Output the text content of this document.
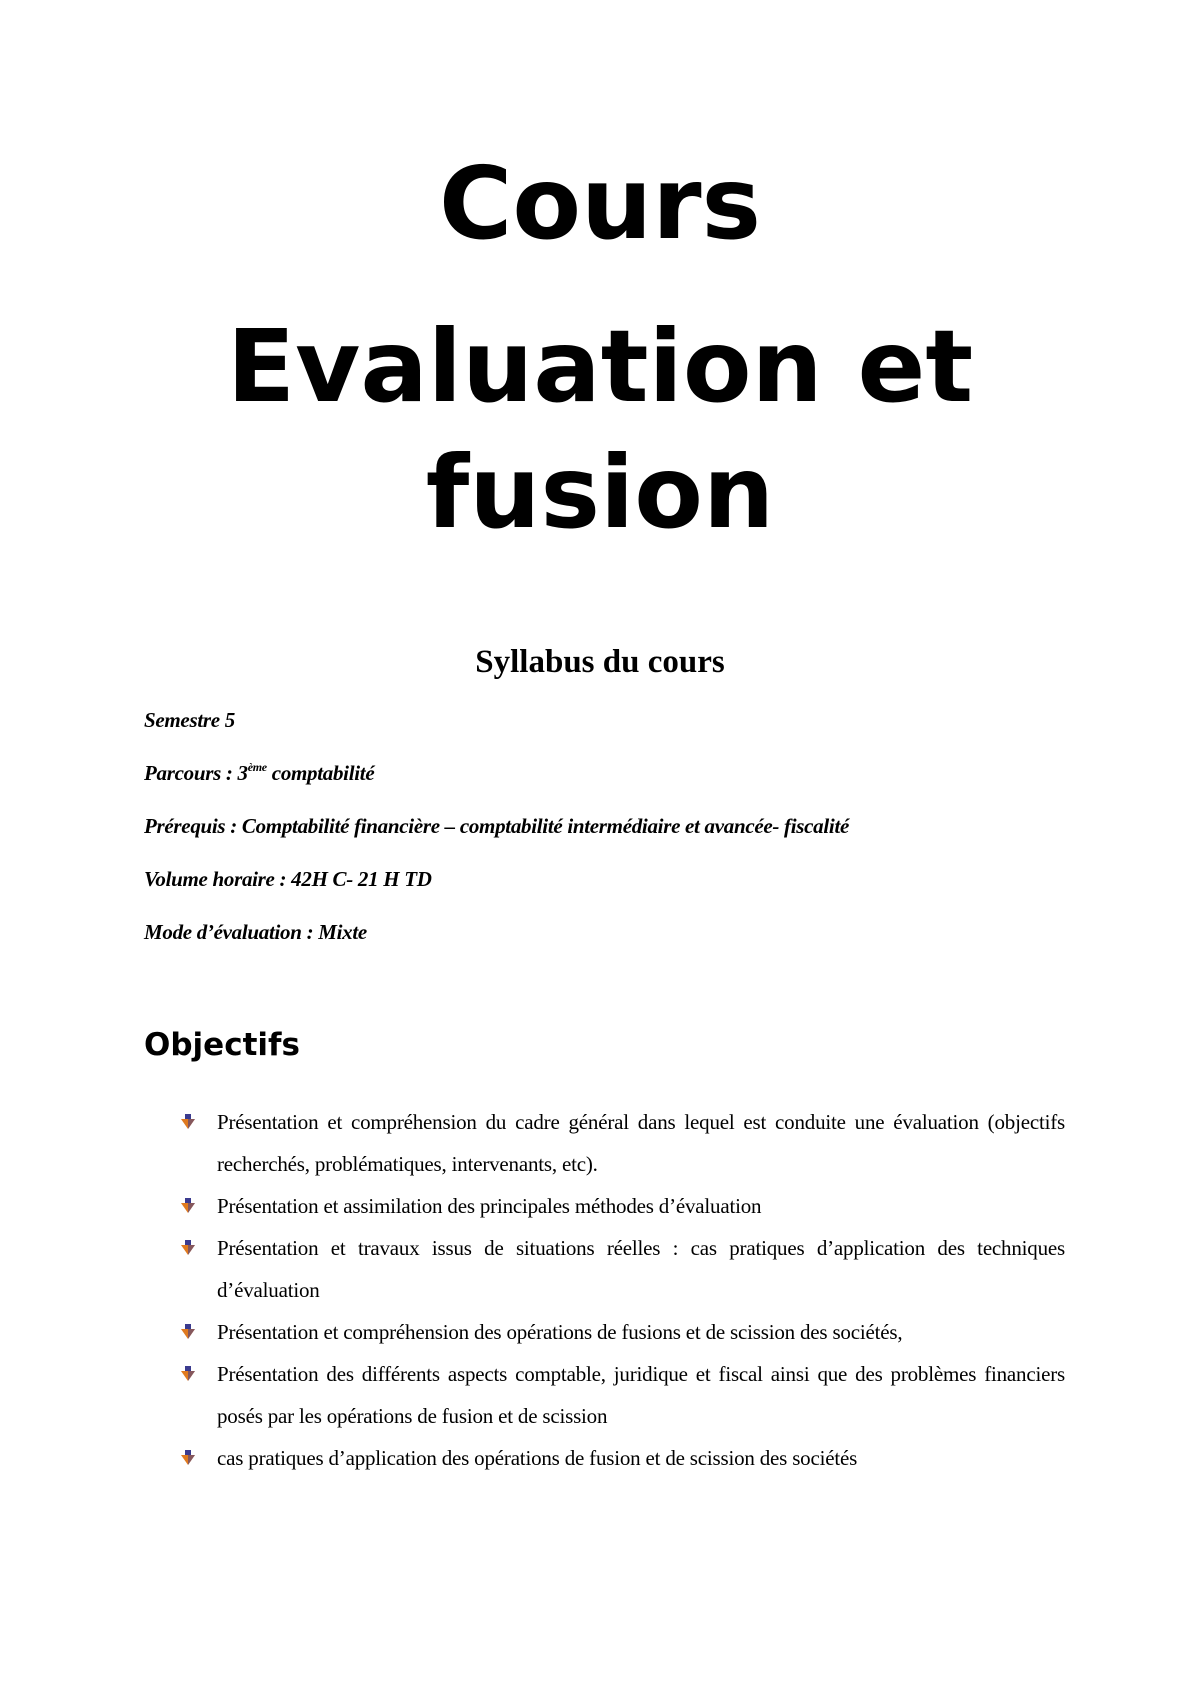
Cours
Evaluation et
fusion
Syllabus du cours

Semestre 5

Parcours : 3ème comptabilité

Prérequis : Comptabilité financière – comptabilité intermédiaire et avancée- fiscalité

Volume horaire : 42H C- 21 H TD

Mode d’évaluation : Mixte

Objectifs
Présentation et compréhension du cadre général dans lequel est conduite une évaluation (objectifs recherchés, problématiques, intervenants, etc).
Présentation et assimilation des principales méthodes d’évaluation
Présentation et travaux issus de situations réelles : cas pratiques d’application des techniques d’évaluation
Présentation et compréhension des opérations de fusions et de scission des sociétés,
Présentation des différents aspects comptable, juridique et fiscal ainsi que des problèmes financiers posés par les opérations de fusion et de scission
cas pratiques d’application des opérations de fusion et de scission des sociétés
